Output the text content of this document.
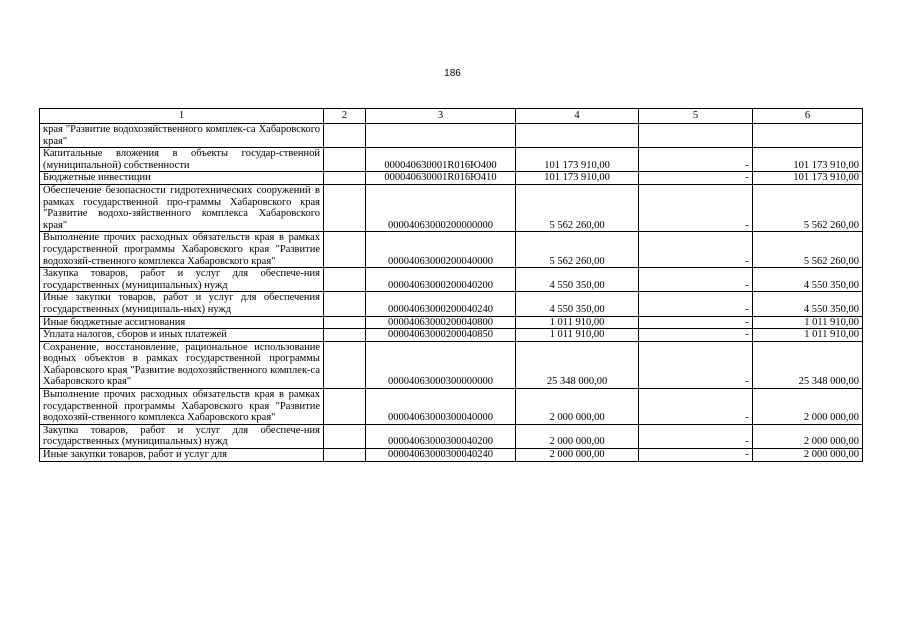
186
1	2	3	4	5	6
края "Развитие водохозяйственного комплек-са Хабаровского края"					
Капитальные вложения в объекты государ-ственной (муниципальной) собственности		000040630001R016Ю400	101 173 910,00	-	101 173 910,00
Бюджетные инвестиции		000040630001R016Ю410	101 173 910,00	-	101 173 910,00
Обеспечение безопасности гидротехнических сооружений в рамках государственной про-граммы Хабаровского края "Развитие водохо-зяйственного комплекса Хабаровского края"		00004063000200000000	5 562 260,00	-	5 562 260,00
Выполнение прочих расходных обязательств края в рамках государственной программы Хабаровского края "Развитие водохозяй-ственного комплекса Хабаровского края"		00004063000200040000	5 562 260,00	-	5 562 260,00
Закупка товаров, работ и услуг для обеспече-ния государственных (муниципальных) нужд		00004063000200040200	4 550 350,00	-	4 550 350,00
Иные закупки товаров, работ и услуг для обеспечения государственных (муниципаль-ных) нужд		00004063000200040240	4 550 350,00	-	4 550 350,00
Иные бюджетные ассигнования		00004063000200040800	1 011 910,00	-	1 011 910,00
Уплата налогов, сборов и иных платежей		00004063000200040850	1 011 910,00	-	1 011 910,00
Сохранение, восстановление, рациональное использование водных объектов в рамках государственной программы Хабаровского края "Развитие водохозяйственного комплек-са Хабаровского края"		00004063000300000000	25 348 000,00	-	25 348 000,00
Выполнение прочих расходных обязательств края в рамках государственной программы Хабаровского края "Развитие водохозяй-ственного комплекса Хабаровского края"		00004063000300040000	2 000 000,00	-	2 000 000,00
Закупка товаров, работ и услуг для обеспече-ния государственных (муниципальных) нужд		00004063000300040200	2 000 000,00	-	2 000 000,00
Иные закупки товаров, работ и услуг для		00004063000300040240	2 000 000,00	-	2 000 000,00
